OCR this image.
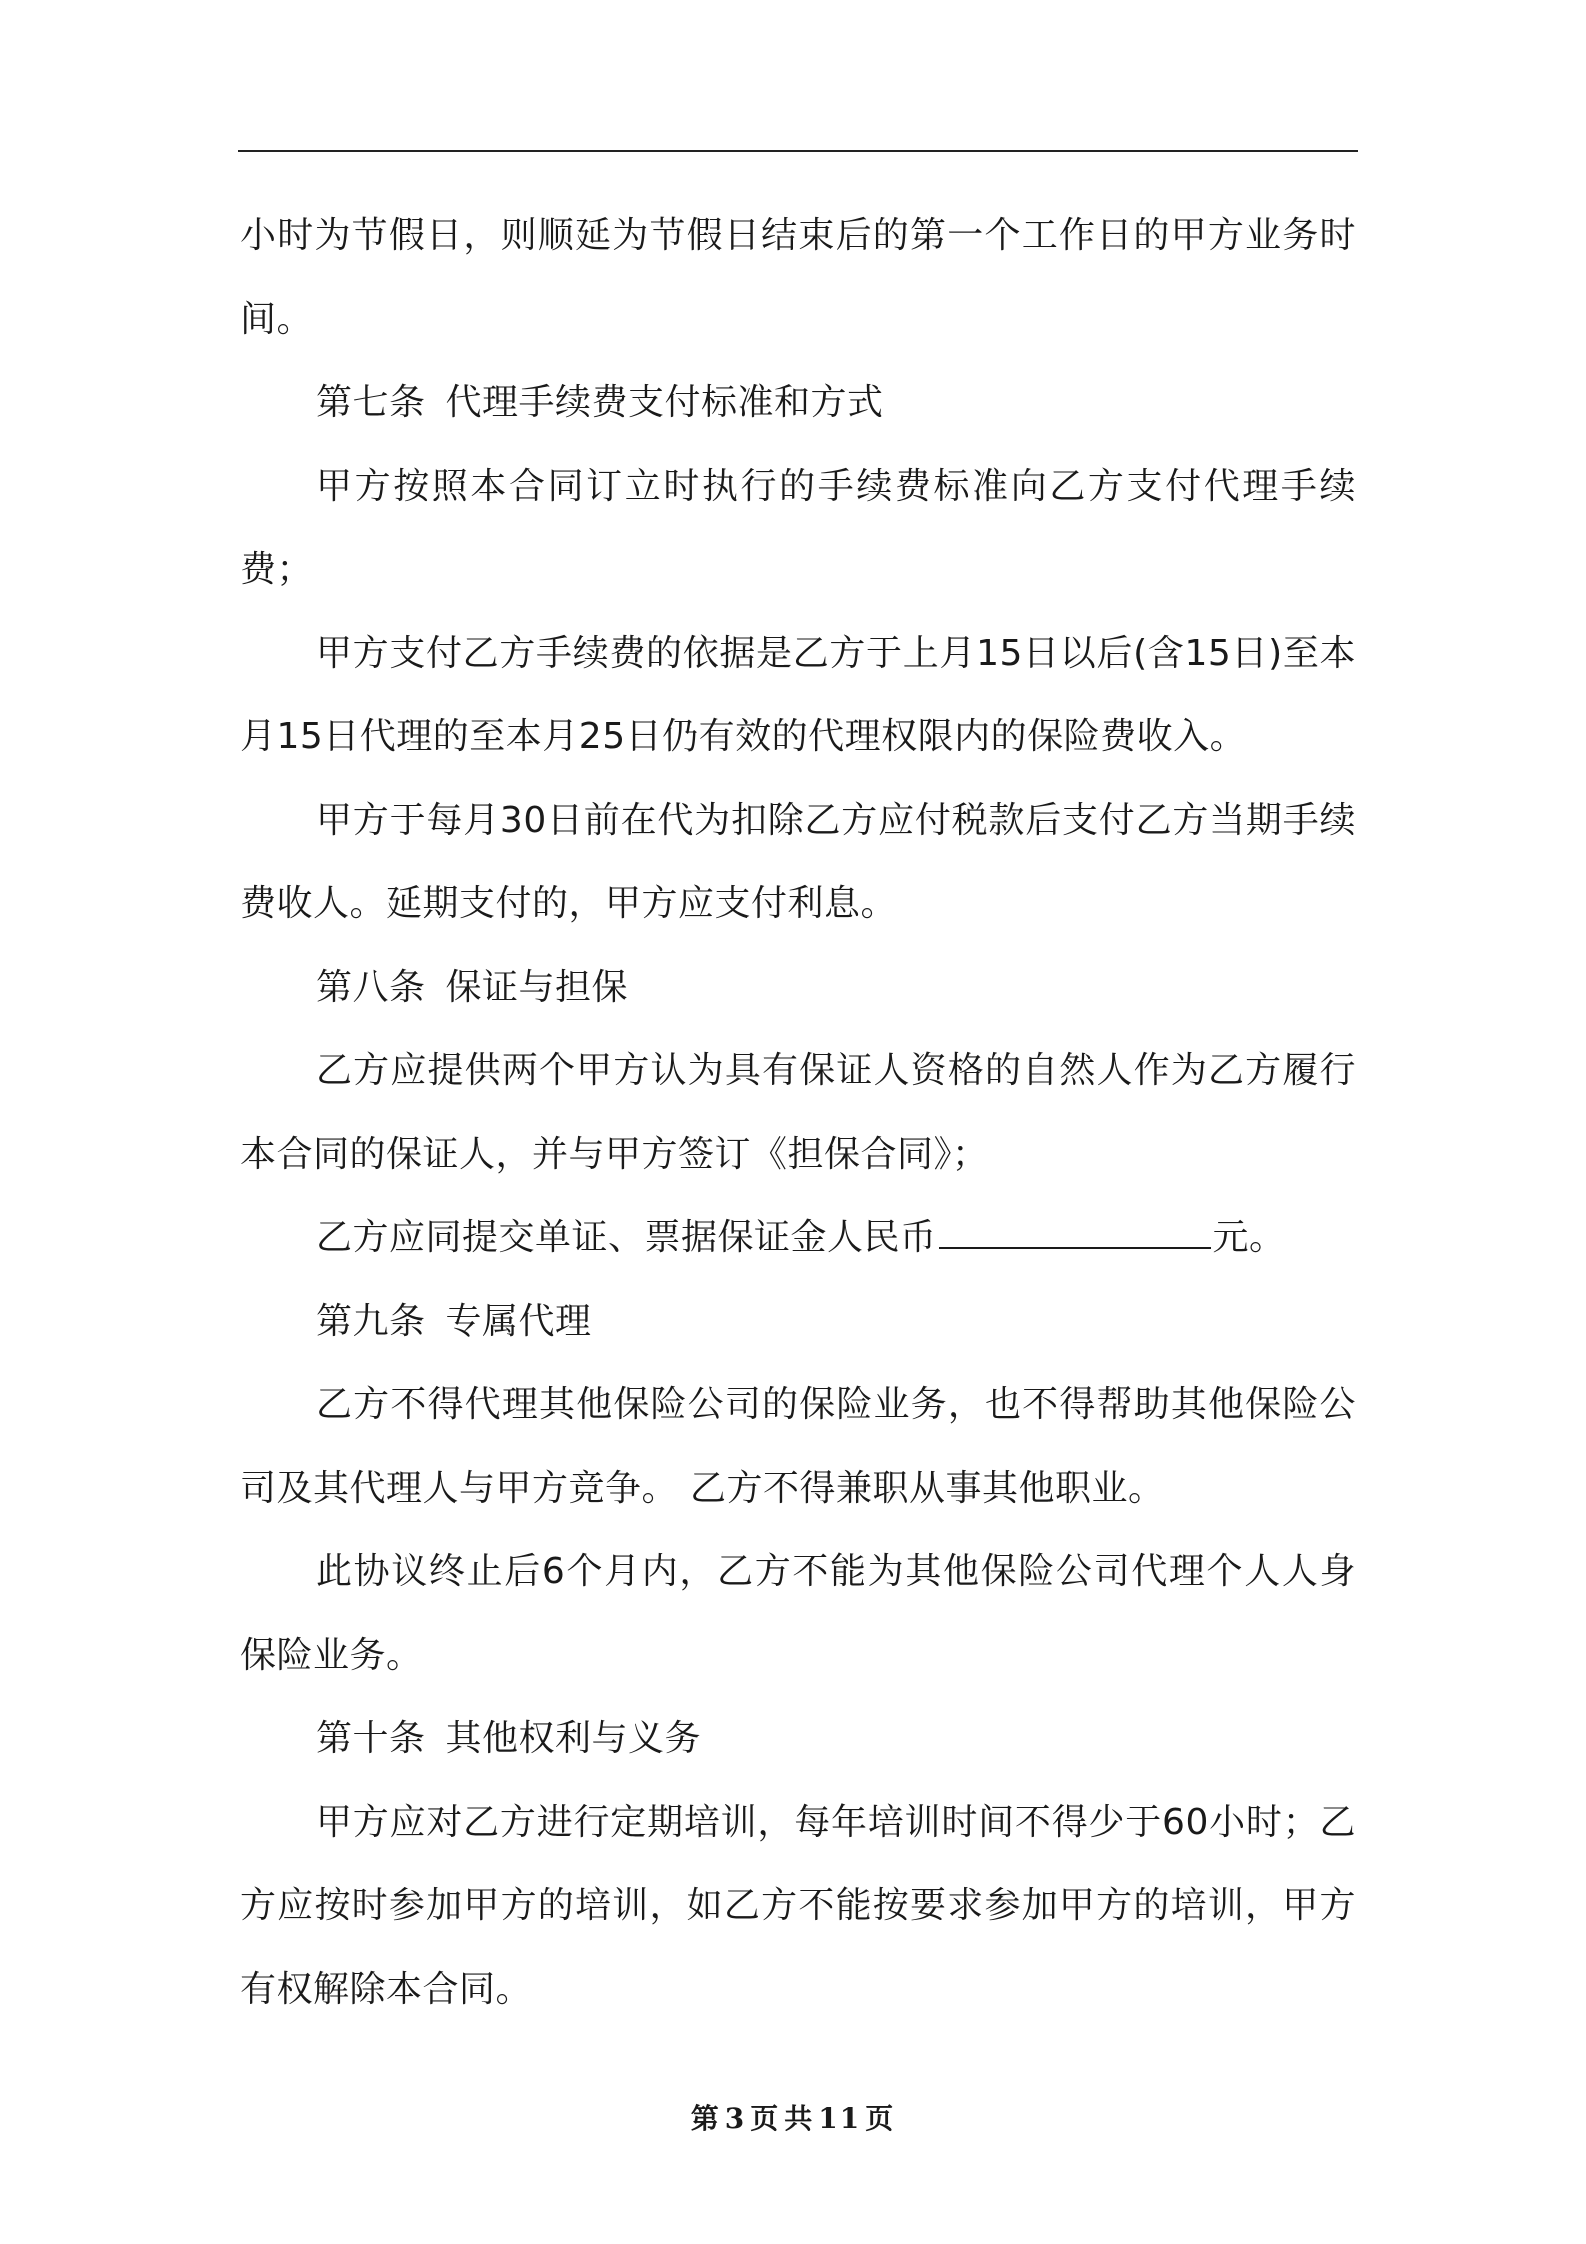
小时为节假日，则顺延为节假日结束后的第一个工作日的甲方业务时间。

第七条 代理手续费支付标准和方式

甲方按照本合同订立时执行的手续费标准向乙方支付代理手续费；

甲方支付乙方手续费的依据是乙方于上月15日以后(含15日)至本月15日代理的至本月25日仍有效的代理权限内的保险费收入。

甲方于每月30日前在代为扣除乙方应付税款后支付乙方当期手续费收人。延期支付的，甲方应支付利息。

第八条 保证与担保

乙方应提供两个甲方认为具有保证人资格的自然人作为乙方履行本合同的保证人，并与甲方签订《担保合同》；

乙方应同提交单证、票据保证金人民币	元。

第九条 专属代理

乙方不得代理其他保险公司的保险业务，也不得帮助其他保险公司及其代理人与甲方竞争。 乙方不得兼职从事其他职业。

此协议终止后6个月内，乙方不能为其他保险公司代理个人人身保险业务。

第十条 其他权利与义务

甲方应对乙方进行定期培训，每年培训时间不得少于60小时；乙方应按时参加甲方的培训，如乙方不能按要求参加甲方的培训，甲方有权解除本合同。

第 3 页 共 11 页
